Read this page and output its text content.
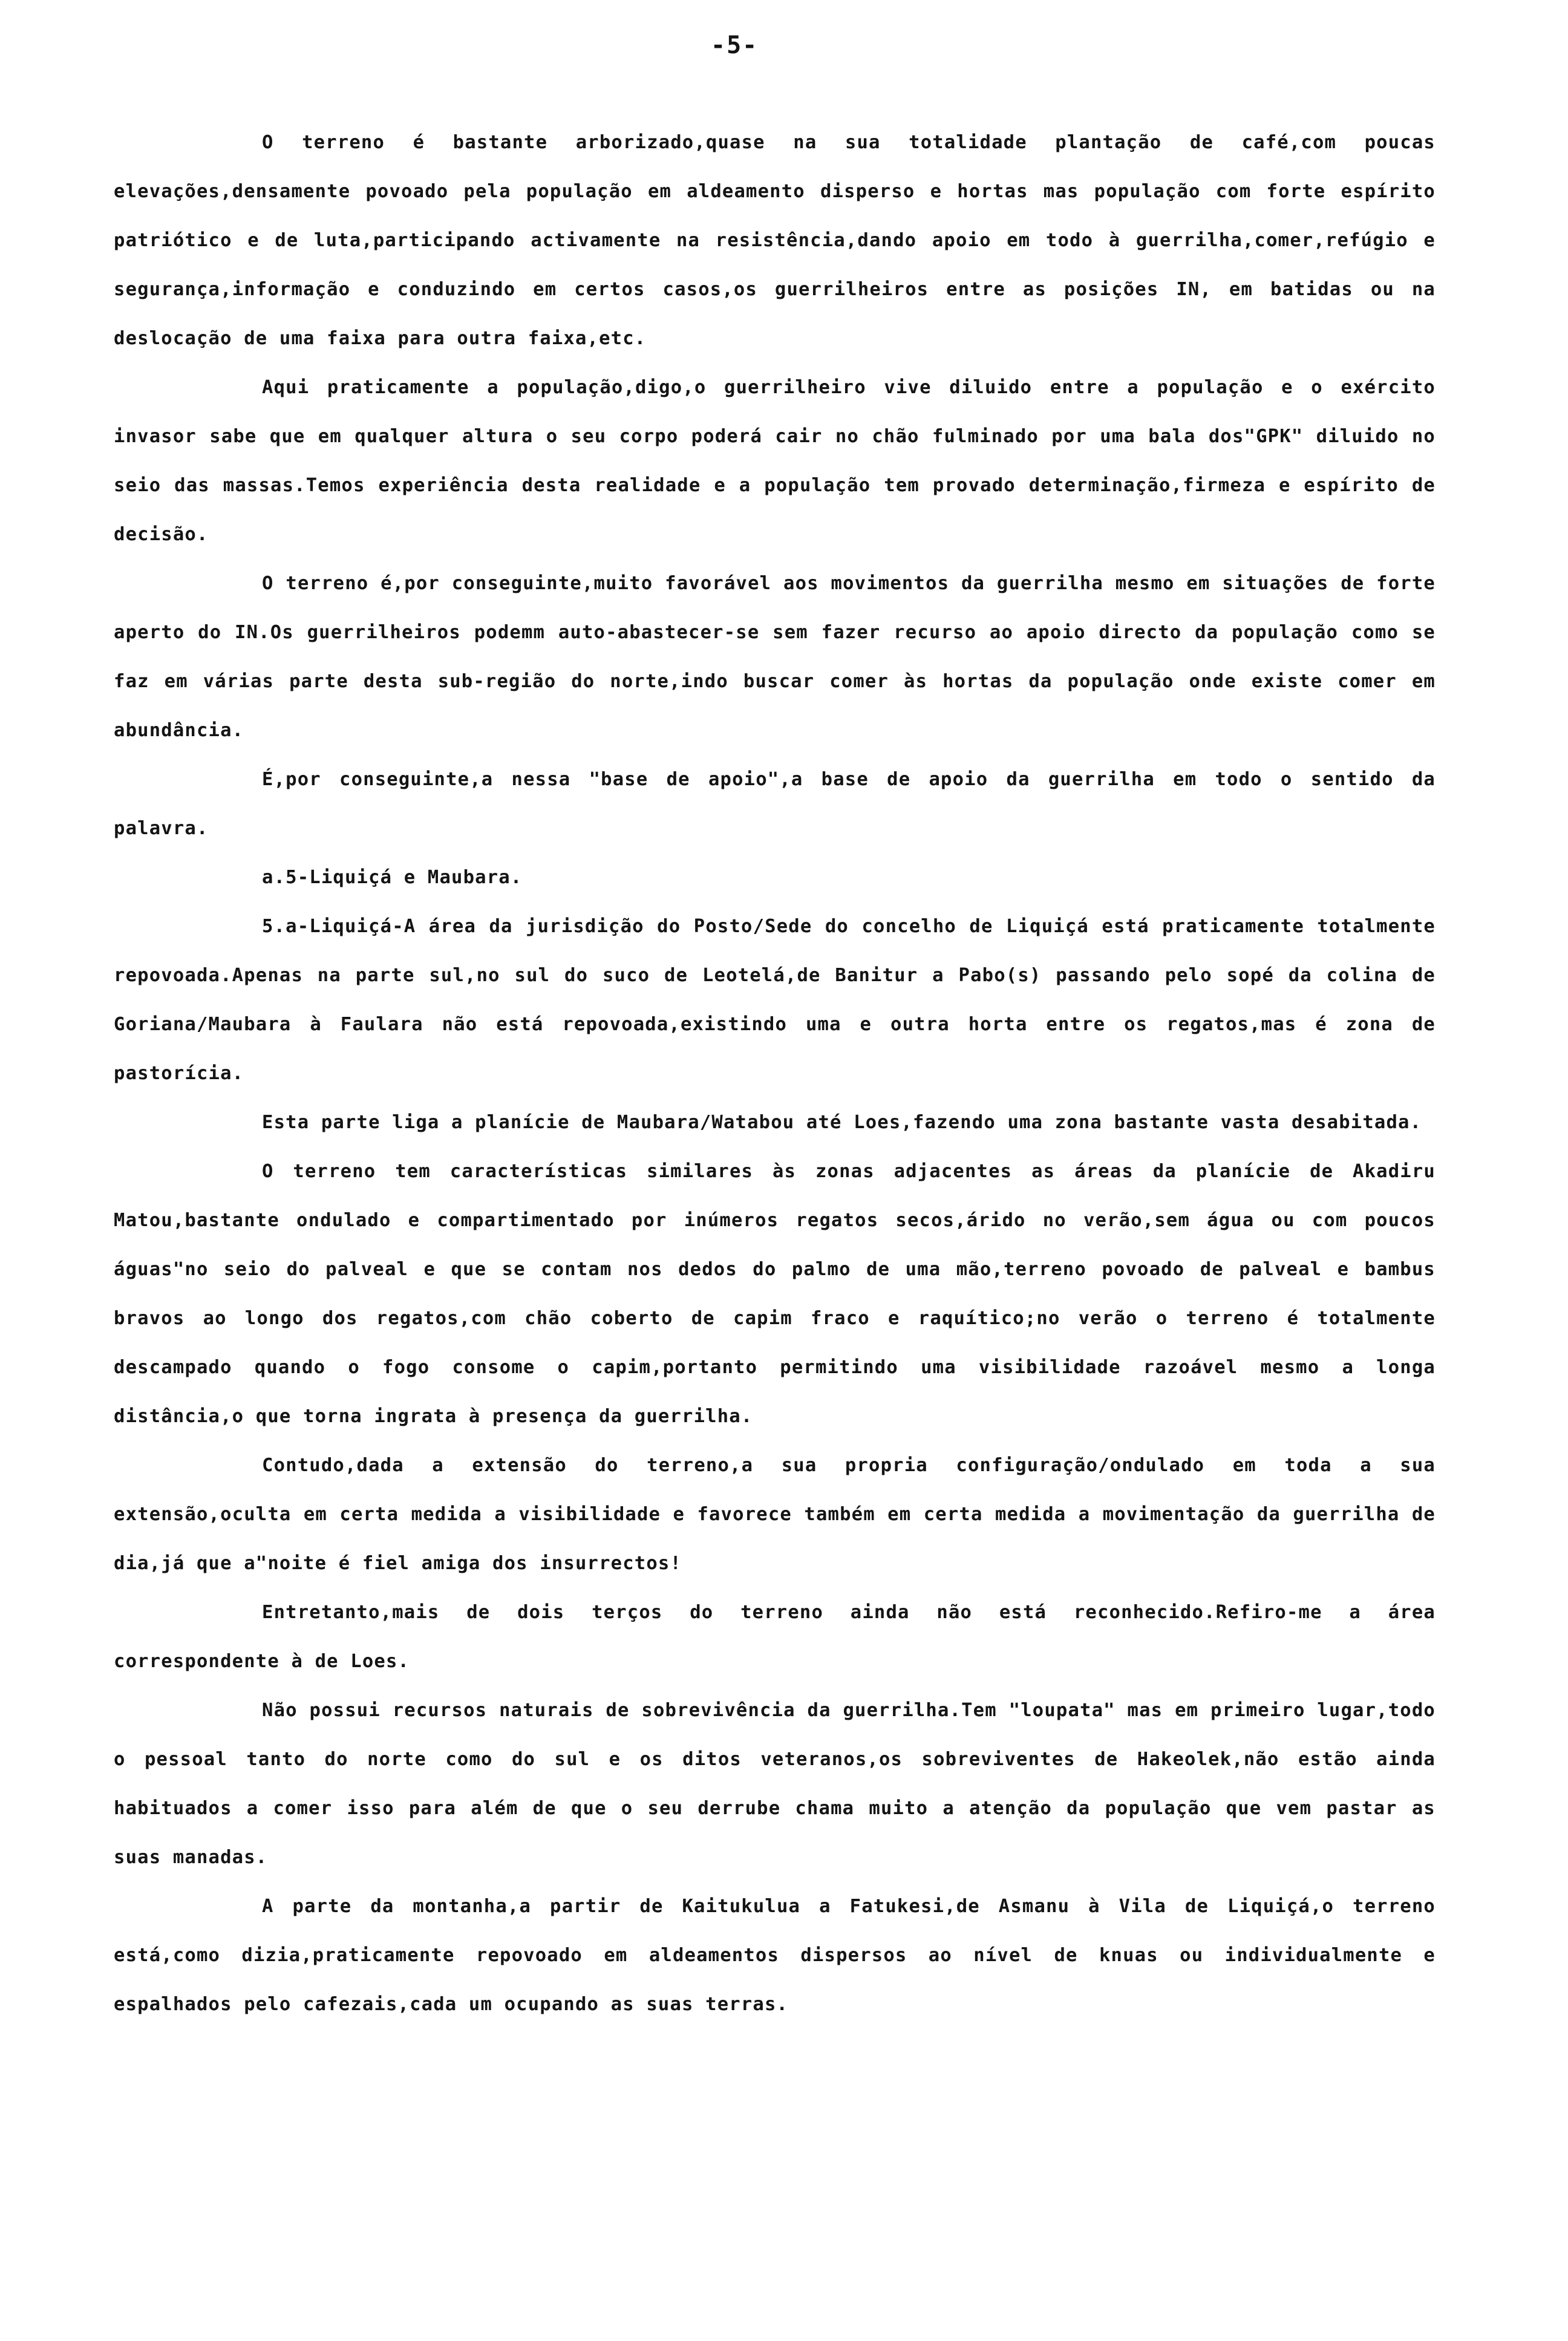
-5-

O terreno é bastante arborizado,quase na sua totalidade plantação de café,com poucas elevações,densamente povoado pela população em aldeamento disperso e hortas mas população com forte espírito patriótico e de luta,participando activamente na resistência,dando apoio em todo à guerrilha,comer,refúgio e segurança,informação e conduzindo em certos casos,os guerrilheiros entre as posições IN, em batidas ou na deslocação de uma faixa para outra faixa,etc.

Aqui praticamente a população,digo,o guerrilheiro vive diluido entre a população e o exército invasor sabe que em qualquer altura o seu corpo poderá cair no chão fulminado por uma bala dos"GPK" diluido no seio das massas.Temos experiência desta realidade e a população tem provado determinação,firmeza e espírito de decisão.

O terreno é,por conseguinte,muito favorável aos movimentos da guerrilha mesmo em situações de forte aperto do IN.Os guerrilheiros podemm auto-abastecer-se sem fazer recurso ao apoio directo da população como se faz em várias parte desta sub-região do norte,indo buscar comer às hortas da população onde existe comer em abundância.

É,por conseguinte,a nessa "base de apoio",a base de apoio da guerrilha em todo o sentido da palavra.

a.5-Liquiçá e Maubara.

5.a-Liquiçá-A área da jurisdição do Posto/Sede do concelho de Liquiçá está praticamente totalmente repovoada.Apenas na parte sul,no sul do suco de Leotelá,de Banitur a Pabo(s) passando pelo sopé da colina de Goriana/Maubara à Faulara não está repovoada,existindo uma e outra horta entre os regatos,mas é zona de pastorícia.

Esta parte liga a planície de Maubara/Watabou até Loes,fazendo uma zona bastante vasta desabitada.

O terreno tem características similares às zonas adjacentes as áreas da planície de Akadiru Matou,bastante ondulado e compartimentado por inúmeros regatos secos,árido no verão,sem água ou com poucos águas"no seio do palveal e que se contam nos dedos do palmo de uma mão,terreno povoado de palveal e bambus bravos ao longo dos regatos,com chão coberto de capim fraco e raquítico;no verão o terreno é totalmente descampado quando o fogo consome o capim,portanto permitindo uma visibilidade razoável mesmo a longa distância,o que torna ingrata à presença da guerrilha.

Contudo,dada a extensão do terreno,a sua propria configuração/ondulado em toda a sua extensão,oculta em certa medida a visibilidade e favorece também em certa medida a movimentação da guerrilha de dia,já que a"noite é fiel amiga dos insurrectos!

Entretanto,mais de dois terços do terreno ainda não está reconhecido.Refiro-me a área correspondente à de Loes.

Não possui recursos naturais de sobrevivência da guerrilha.Tem "loupata" mas em primeiro lugar,todo o pessoal tanto do norte como do sul e os ditos veteranos,os sobreviventes de Hakeolek,não estão ainda habituados a comer isso para além de que o seu derrube chama muito a atenção da população que vem pastar as suas manadas.

A parte da montanha,a partir de Kaitukulua a Fatukesi,de Asmanu à Vila de Liquiçá,o terreno está,como dizia,praticamente repovoado em aldeamentos dispersos ao nível de knuas ou individualmente e espalhados pelo cafezais,cada um ocupando as suas terras.
